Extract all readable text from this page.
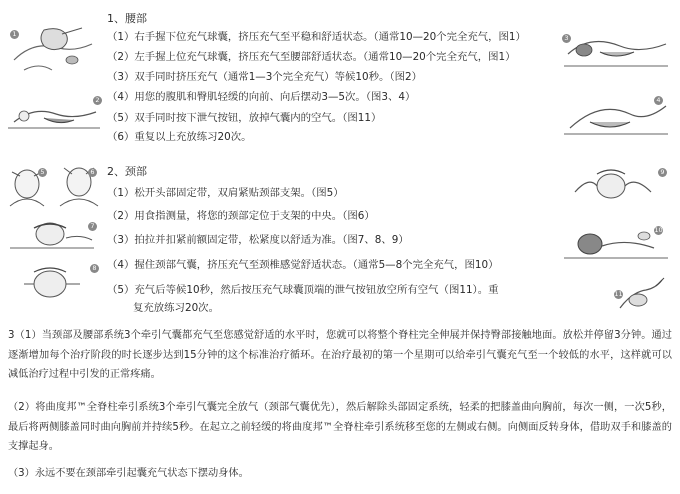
1、腰部
（1）右手握下位充气球囊，挤压充气至平稳和舒适状态。（通常10—20个完全充气，图1）
（2）左手握上位充气球囊，挤压充气至腰部舒适状态。（通常10—20个完全充气，图1）
（3）双手同时挤压充气（通常1—3个完全充气）等候10秒。（图2）
（4）用您的腹肌和臀肌轻缓的向前、向后摆动3—5次。（图3、4）
（5）双手同时按下泄气按钮，放掉气囊内的空气。（图11）
（6）重复以上充放练习20次。
2、颈部
（1）松开头部固定带，双肩紧贴颈部支架。（图5）
（2）用食指测量，将您的颈部定位于支架的中央。（图6）
（3）拍拉并扣紧前额固定带，松紧度以舒适为准。（图7、8、9）
（4）握住颈部气囊，挤压充气至颈椎感觉舒适状态。（通常5—8个完全充气，图10）
（5）充气后等候10秒，然后按压充气球囊顶端的泄气按钮放空所有空气（图11）。重
复充放练习20次。
3（1）当颈部及腰部系统3个牵引气囊都充气至您感觉舒适的水平时，您就可以将整个脊柱完全伸展并保持臀部接触地面。放松并停留3分钟。通过逐渐增加每个治疗阶段的时长逐步达到15分钟的这个标准治疗循环。在治疗最初的第一个星期可以给牵引气囊充气至一个较低的水平，这样就可以减低治疗过程中引发的正常疼痛。
（2）将曲度邦™全脊柱牵引系统3个牵引气囊完全放气（颈部气囊优先），然后解除头部固定系统，轻柔的把膝盖曲向胸前，每次一侧，一次5秒，最后将两侧膝盖同时曲向胸前并持续5秒。在起立之前轻缓的将曲度邦™全脊柱牵引系统移至您的左侧或右侧。向侧面反转身体，借助双手和膝盖的支撑起身。
（3）永远不要在颈部牵引起囊充气状态下摆动身体。
1
2
5	6
7
8
3
4
9
10
11
